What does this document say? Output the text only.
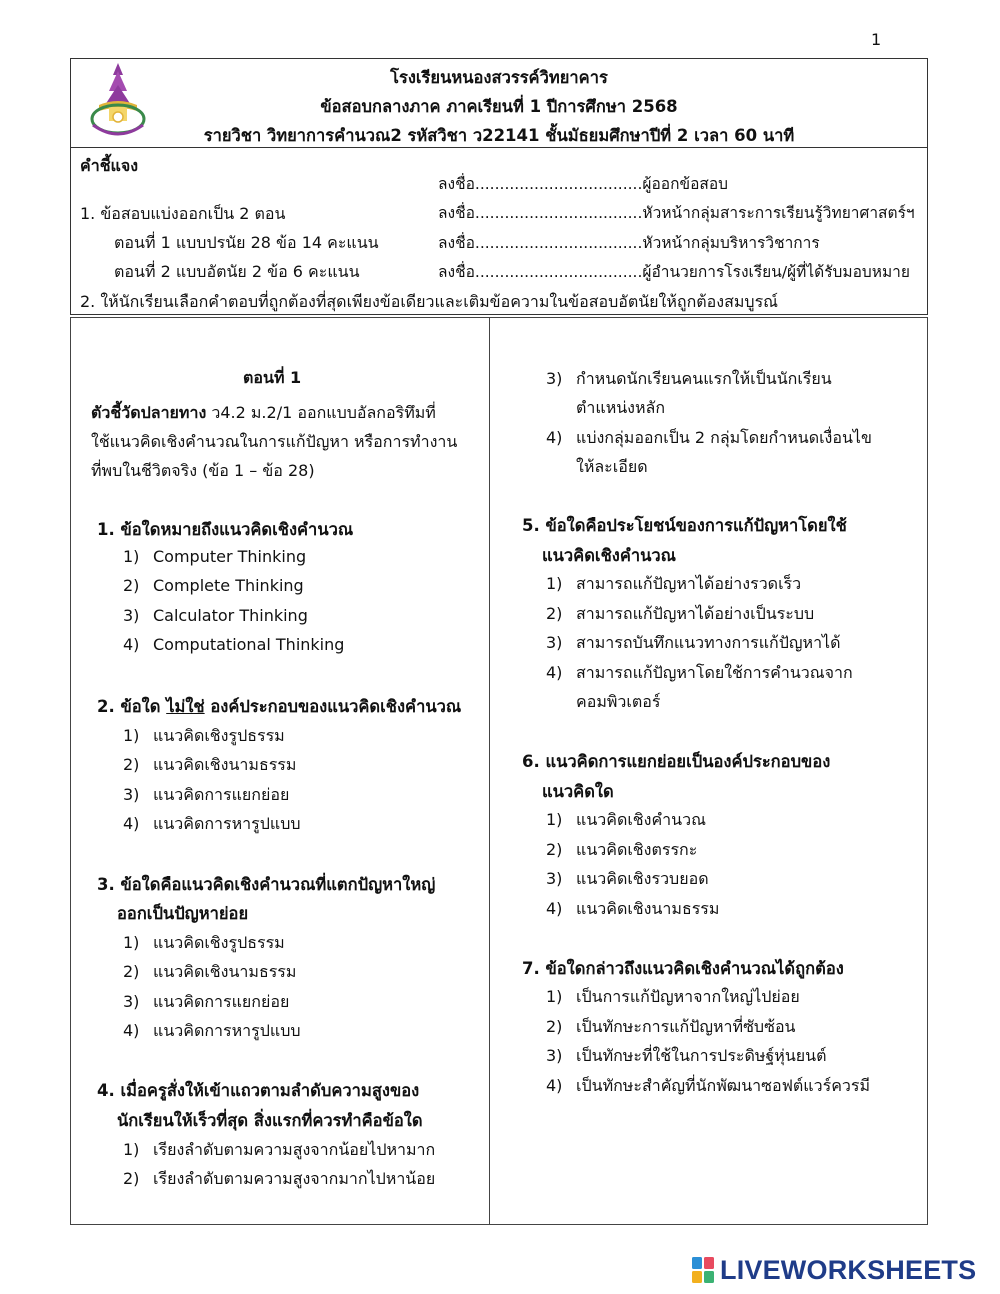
1
โรงเรียนหนองสวรรค์วิทยาคาร
ข้อสอบกลางภาค ภาคเรียนที่ 1 ปีการศึกษา 2568
รายวิชา วิทยาการคำนวณ2 รหัสวิชา ว22141 ชั้นมัธยมศึกษาปีที่ 2 เวลา 60 นาที
คำชี้แจง
1. ข้อสอบแบ่งออกเป็น 2 ตอน
ตอนที่ 1 แบบปรนัย 28 ข้อ 14 คะแนน
ตอนที่ 2 แบบอัตนัย 2 ข้อ 6 คะแนน
2. ให้นักเรียนเลือกคำตอบที่ถูกต้องที่สุดเพียงข้อเดียวและเติมข้อความในข้อสอบอัตนัยให้ถูกต้องสมบูรณ์
ลงชื่อ..................................ผู้ออกข้อสอบ
ลงชื่อ..................................หัวหน้ากลุ่มสาระการเรียนรู้วิทยาศาสตร์ฯ
ลงชื่อ..................................หัวหน้ากลุ่มบริหารวิชาการ
ลงชื่อ..................................ผู้อำนวยการโรงเรียน/ผู้ที่ได้รับมอบหมาย
ตอนที่ 1
ตัวชี้วัดปลายทาง ว4.2 ม.2/1 ออกแบบอัลกอริทึมที่
ใช้แนวคิดเชิงคำนวณในการแก้ปัญหา หรือการทำงาน
ที่พบในชีวิตจริง (ข้อ 1 – ข้อ 28)
1. ข้อใดหมายถึงแนวคิดเชิงคำนวณ
1) Computer Thinking
2) Complete Thinking
3) Calculator Thinking
4) Computational Thinking
2. ข้อใด ไม่ใช่ องค์ประกอบของแนวคิดเชิงคำนวณ
1) แนวคิดเชิงรูปธรรม
2) แนวคิดเชิงนามธรรม
3) แนวคิดการแยกย่อย
4) แนวคิดการหารูปแบบ
3. ข้อใดคือแนวคิดเชิงคำนวณที่แตกปัญหาใหญ่
ออกเป็นปัญหาย่อย
1) แนวคิดเชิงรูปธรรม
2) แนวคิดเชิงนามธรรม
3) แนวคิดการแยกย่อย
4) แนวคิดการหารูปแบบ
4. เมื่อครูสั่งให้เข้าแถวตามลำดับความสูงของ
นักเรียนให้เร็วที่สุด สิ่งแรกที่ควรทำคือข้อใด
1) เรียงลำดับตามความสูงจากน้อยไปหามาก
2) เรียงลำดับตามความสูงจากมากไปหาน้อย
3) กำหนดนักเรียนคนแรกให้เป็นนักเรียน
ตำแหน่งหลัก
4) แบ่งกลุ่มออกเป็น 2 กลุ่มโดยกำหนดเงื่อนไข
ให้ละเอียด
5. ข้อใดคือประโยชน์ของการแก้ปัญหาโดยใช้
แนวคิดเชิงคำนวณ
1) สามารถแก้ปัญหาได้อย่างรวดเร็ว
2) สามารถแก้ปัญหาได้อย่างเป็นระบบ
3) สามารถบันทึกแนวทางการแก้ปัญหาได้
4) สามารถแก้ปัญหาโดยใช้การคำนวณจาก
คอมพิวเตอร์
6. แนวคิดการแยกย่อยเป็นองค์ประกอบของ
แนวคิดใด
1) แนวคิดเชิงคำนวณ
2) แนวคิดเชิงตรรกะ
3) แนวคิดเชิงรวบยอด
4) แนวคิดเชิงนามธรรม
7. ข้อใดกล่าวถึงแนวคิดเชิงคำนวณได้ถูกต้อง
1) เป็นการแก้ปัญหาจากใหญ่ไปย่อย
2) เป็นทักษะการแก้ปัญหาที่ซับซ้อน
3) เป็นทักษะที่ใช้ในการประดิษฐ์หุ่นยนต์
4) เป็นทักษะสำคัญที่นักพัฒนาซอฟต์แวร์ควรมี
LIVEWORKSHEETS
